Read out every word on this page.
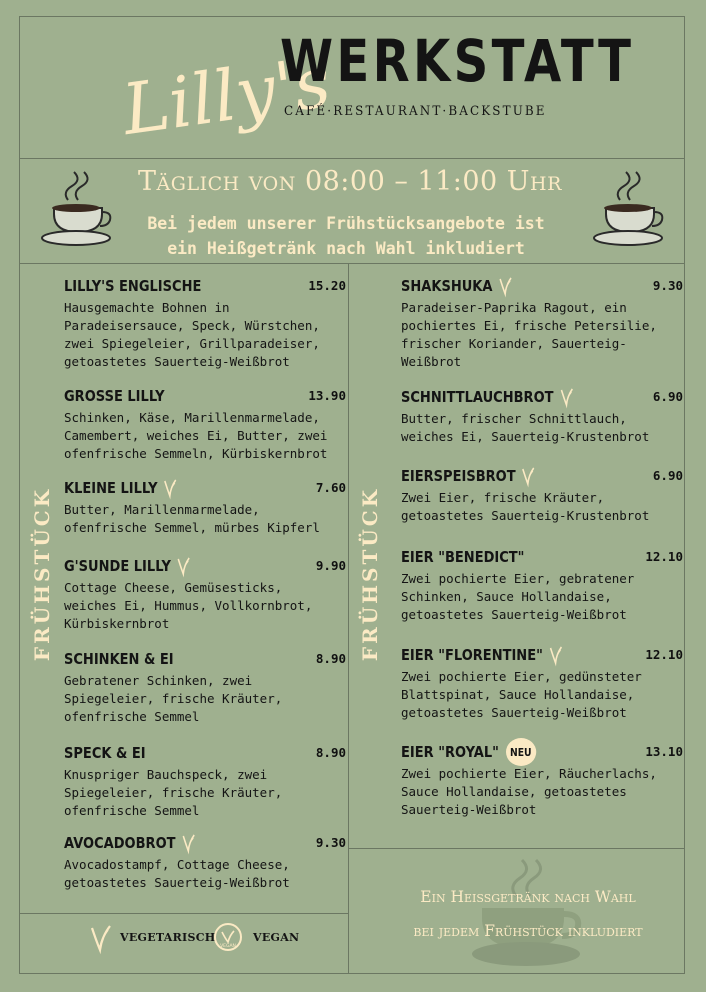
Lilly's
WERKSTATT
CAFÉ·RESTAURANT·BACKSTUBE
Täglich von 08:00 – 11:00 Uhr
Bei jedem unserer Frühstücksangebote ist
ein Heißgetränk nach Wahl inkludiert
FRÜHSTÜCK	FRÜHSTÜCK
LILLY'S ENGLISCHE	15.20
Hausgemachte Bohnen in
Paradeisersauce, Speck, Würstchen,
zwei Spiegeleier, Grillparadeiser,
getoastetes Sauerteig-Weißbrot
GROSSE LILLY	13.90
Schinken, Käse, Marillenmarmelade,
Camembert, weiches Ei, Butter, zwei
ofenfrische Semmeln, Kürbiskernbrot
KLEINE LILLY	7.60
Butter, Marillenmarmelade,
ofenfrische Semmel, mürbes Kipferl
G'SUNDE LILLY	9.90
Cottage Cheese, Gemüsesticks,
weiches Ei, Hummus, Vollkornbrot,
Kürbiskernbrot
SCHINKEN & EI	8.90
Gebratener Schinken, zwei
Spiegeleier, frische Kräuter,
ofenfrische Semmel
SPECK & EI	8.90
Knuspriger Bauchspeck, zwei
Spiegeleier, frische Kräuter,
ofenfrische Semmel
AVOCADOBROT	9.30
Avocadostampf, Cottage Cheese,
getoastetes Sauerteig-Weißbrot
SHAKSHUKA	9.30
Paradeiser-Paprika Ragout, ein
pochiertes Ei, frische Petersilie,
frischer Koriander, Sauerteig-
Weißbrot
SCHNITTLAUCHBROT	6.90
Butter, frischer Schnittlauch,
weiches Ei, Sauerteig-Krustenbrot
EIERSPEISBROT	6.90
Zwei Eier, frische Kräuter,
getoastetes Sauerteig-Krustenbrot
EIER "BENEDICT"	12.10
Zwei pochierte Eier, gebratener
Schinken, Sauce Hollandaise,
getoastetes Sauerteig-Weißbrot
EIER "FLORENTINE"	12.10
Zwei pochierte Eier, gedünsteter
Blattspinat, Sauce Hollandaise,
getoastetes Sauerteig-Weißbrot
EIER "ROYAL"	NEU	13.10
Zwei pochierte Eier, Räucherlachs,
Sauce Hollandaise, getoastetes
Sauerteig-Weißbrot
VEGETARISCH
VEGAN
VEGAN
Ein Heißgetränk nach Wahl
bei jedem Frühstück inkludiert
